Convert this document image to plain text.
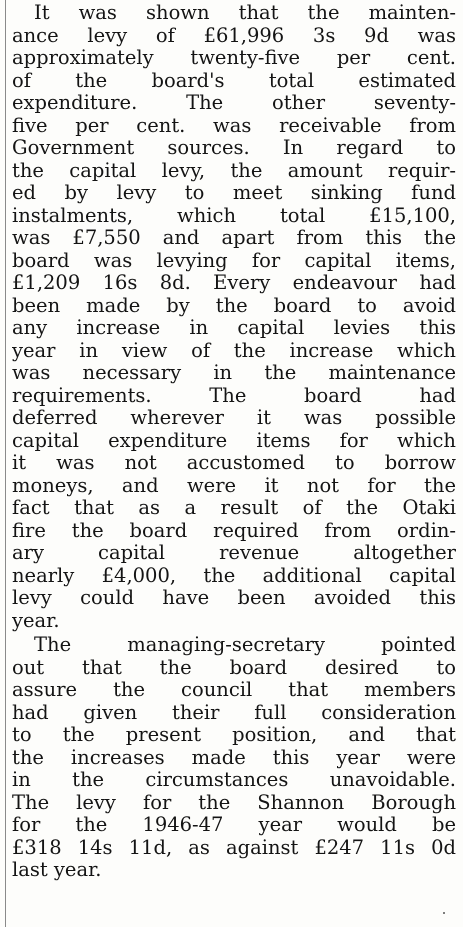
It was shown that the mainten-
ance levy of £61,996 3s 9d was
approximately twenty-five per cent.
of the board's total estimated
expenditure. The other seventy-
five per cent. was receivable from
Government sources. In regard to
the capital levy, the amount requir-
ed by levy to meet sinking fund
instalments, which total £15,100,
was £7,550 and apart from this the
board was levying for capital items,
£1,209 16s 8d. Every endeavour had
been made by the board to avoid
any increase in capital levies this
year in view of the increase which
was necessary in the maintenance
requirements. The board had
deferred wherever it was possible
capital expenditure items for which
it was not accustomed to borrow
moneys, and were it not for the
fact that as a result of the Otaki
fire the board required from ordin-
ary capital revenue altogether
nearly £4,000, the additional capital
levy could have been avoided this
year.
The managing-secretary pointed
out that the board desired to
assure the council that members
had given their full consideration
to the present position, and that
the increases made this year were
in the circumstances unavoidable.
The levy for the Shannon Borough
for the 1946-47 year would be
£318 14s 11d, as against £247 11s 0d
last year.
